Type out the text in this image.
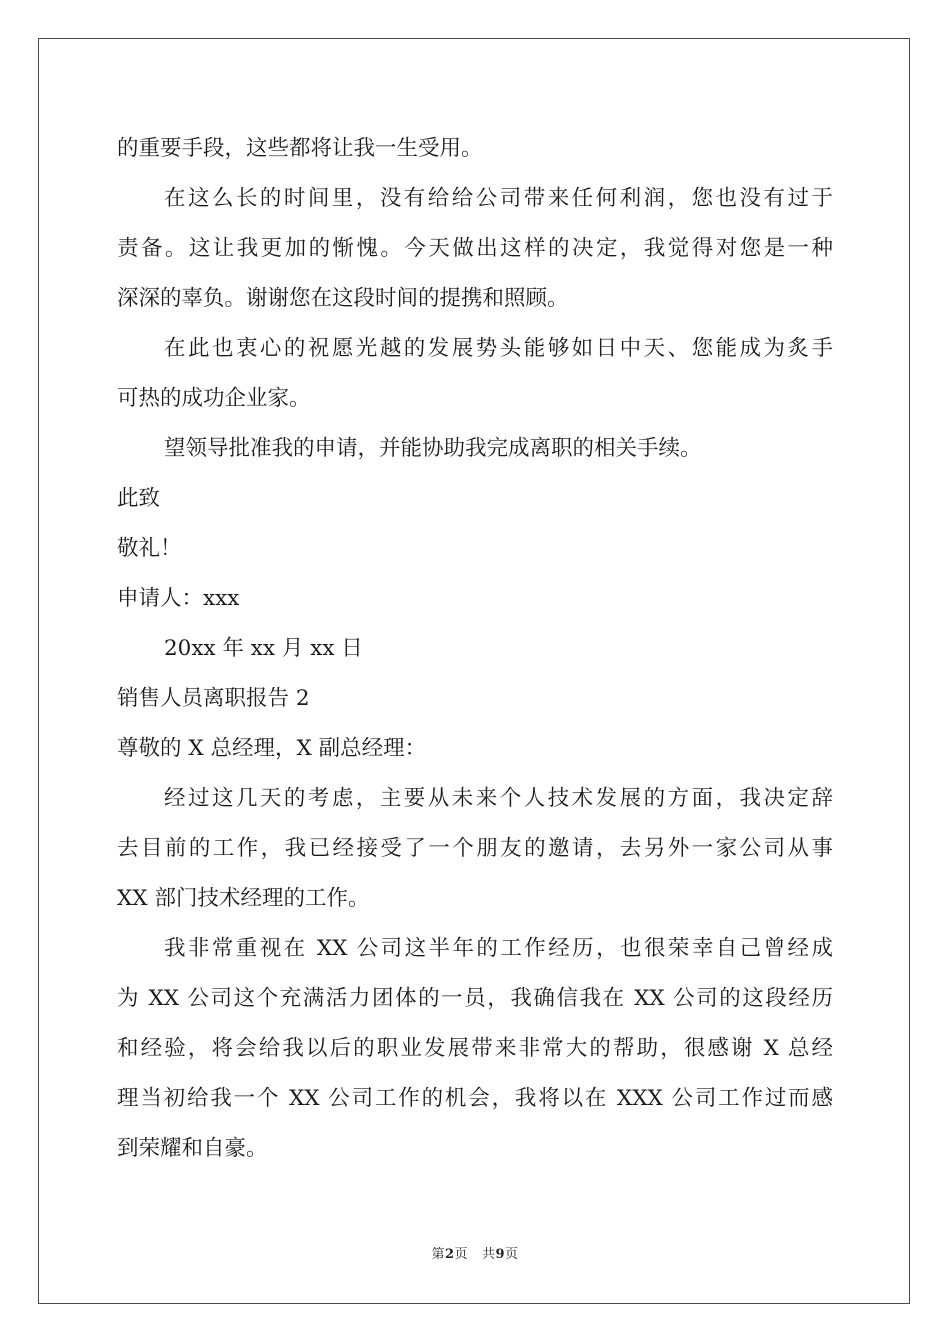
的重要手段，这些都将让我一生受用。
在这么长的时间里，没有给给公司带来任何利润，您也没有过于
责备。这让我更加的惭愧。今天做出这样的决定，我觉得对您是一种
深深的辜负。谢谢您在这段时间的提携和照顾。
在此也衷心的祝愿光越的发展势头能够如日中天、您能成为炙手
可热的成功企业家。
望领导批准我的申请，并能协助我完成离职的相关手续。
此致
敬礼！
申请人：xxx
20xx 年 xx 月 xx 日
销售人员离职报告 2
尊敬的 X 总经理，X 副总经理：
经过这几天的考虑，主要从未来个人技术发展的方面，我决定辞
去目前的工作，我已经接受了一个朋友的邀请，去另外一家公司从事
XX 部门技术经理的工作。
我非常重视在 XX 公司这半年的工作经历，也很荣幸自己曾经成
为 XX 公司这个充满活力团体的一员，我确信我在 XX 公司的这段经历
和经验，将会给我以后的职业发展带来非常大的帮助，很感谢 X 总经
理当初给我一个 XX 公司工作的机会，我将以在 XXX 公司工作过而感
到荣耀和自豪。
第2页 共9页
